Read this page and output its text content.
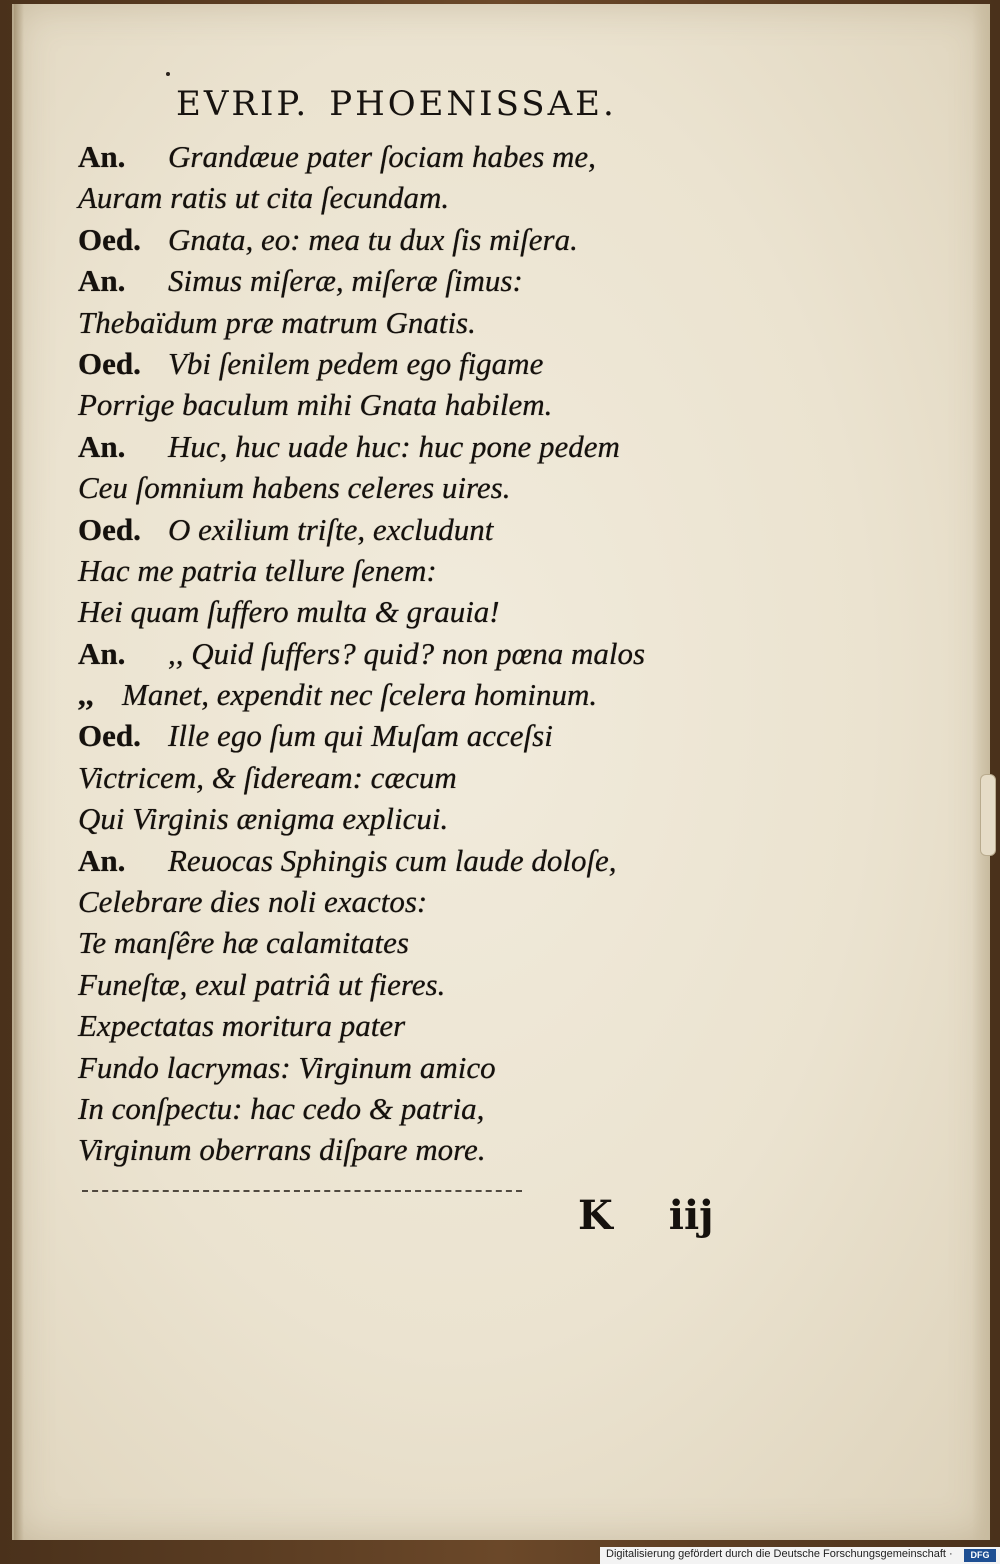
EVRIP. PHOENISSAE.
An. Grandæue pater ſociam habes me,
Auram ratis ut cita ſecundam.
Oed. Gnata, eo: mea tu dux ſis miſera.
An. Simus miſeræ, miſeræ ſimus:
Thebaïdum præ matrum Gnatis.
Oed. Vbi ſenilem pedem ego figame
Porrige baculum mihi Gnata habilem.
An. Huc, huc uade huc: huc pone pedem
Ceu ſomnium habens celeres uires.
Oed. O exilium triſte, excludunt
Hac me patria tellure ſenem:
Hei quam ſuffero multa & grauia!
An. ,, Quid ſuffers? quid? non pœna malos
,, Manet, expendit nec ſcelera hominum.
Oed. Ille ego ſum qui Muſam acceſsi
Victricem, & ſideream: cæcum
Qui Virginis ænigma explicui.
An. Reuocas Sphingis cum laude doloſe,
Celebrare dies noli exactos:
Te manſêre hæ calamitates
Funeſtæ, exul patriâ ut fieres.
Expectatas moritura pater
Fundo lacrymas: Virginum amico
In conſpectu: hac cedo & patria,
Virginum oberrans diſpare more.
K iij
Digitalisierung gefördert durch die Deutsche Forschungsgemeinschaft ·	DFG
